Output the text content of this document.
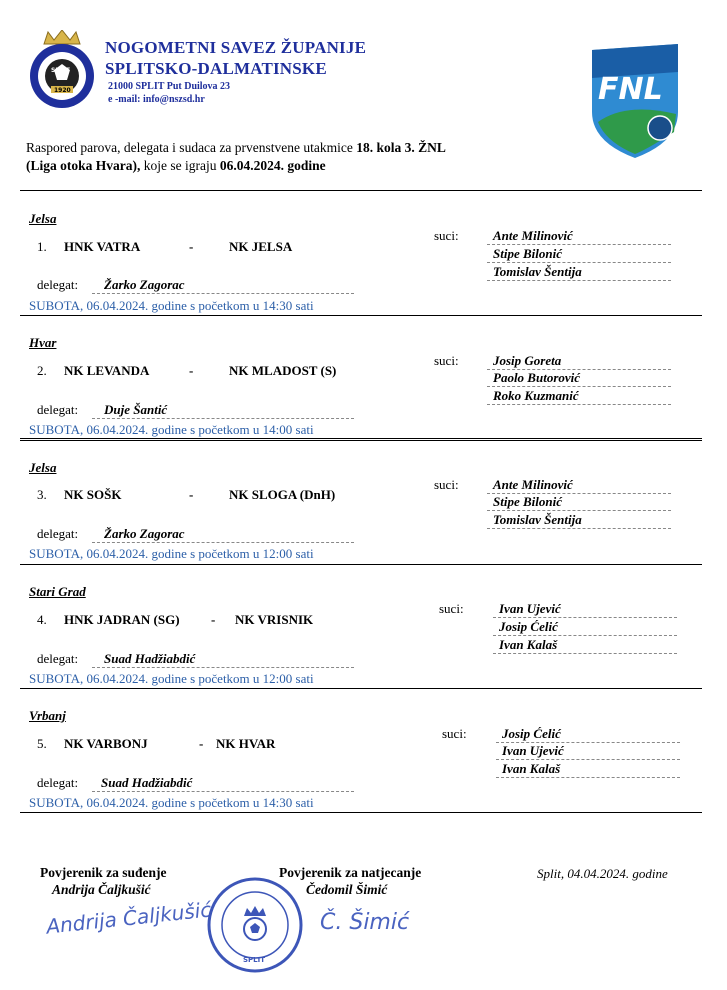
SPLIT
1920
NOGOMETNI SAVEZ ŽUPANIJE
SPLITSKO-DALMATINSKE
21000 SPLIT Put Duilova 23
e -mail: info@nszsd.hr	FNL
Raspored parova, delegata i sudaca za prvenstvene utakmice 18. kola 3. ŽNL
(Liga otoka Hvara), koje se igraju 06.04.2024. godine
Jelsa
1. HNK VATRA	-	NK JELSA
suci:	Ante Milinović
Stipe Bilonić
Tomislav Šentija
delegat: Žarko Zagorac
SUBOTA, 06.04.2024. godine s početkom u 14:30 sati
Hvar
2. NK LEVANDA	-	NK MLADOST (S)
suci:	Josip Goreta
Paolo Butorović
Roko Kuzmanić
delegat: Duje Šantić
SUBOTA, 06.04.2024. godine s početkom u 14:00 sati
Jelsa
3. NK SOŠK	-	NK SLOGA (DnH)
suci:	Ante Milinović
Stipe Bilonić
Tomislav Šentija
delegat: Žarko Zagorac
SUBOTA, 06.04.2024. godine s početkom u 12:00 sati
Stari Grad
4. HNK JADRAN (SG) - NK VRISNIK
suci:	Ivan Ujević
Josip Ćelić
Ivan Kalaš
delegat: Suad Hadžiabdić
SUBOTA, 06.04.2024. godine s početkom u 12:00 sati
Vrbanj
5. NK VARBONJ	- NK HVAR
suci:	Josip Ćelić
Ivan Ujević
Ivan Kalaš
delegat: Suad Hadžiabdić
SUBOTA, 06.04.2024. godine s početkom u 14:30 sati
Povjerenik za suđenje
Andrija Čaljkušić
Andrija Čaljkušić
Povjerenik za natjecanje
Čedomil Šimić
Č. Šimić
SPLIT
Split, 04.04.2024. godine
